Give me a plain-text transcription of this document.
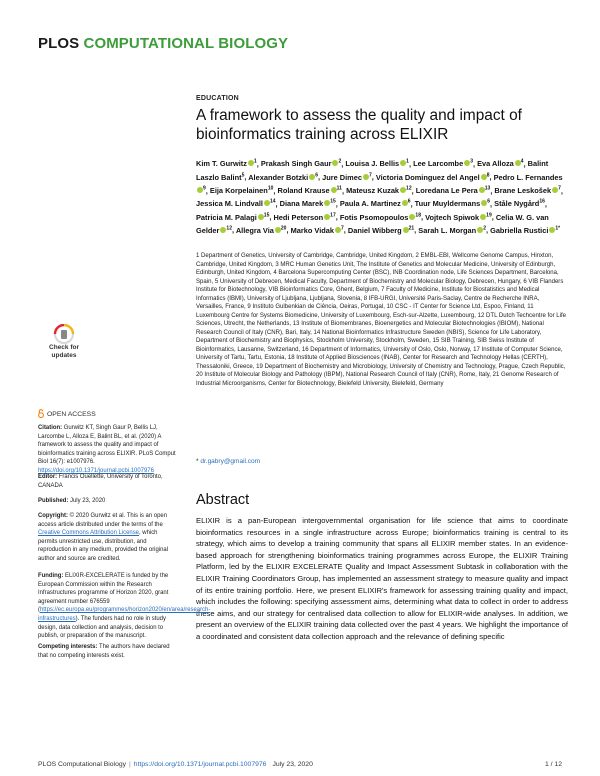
PLOS COMPUTATIONAL BIOLOGY
EDUCATION
A framework to assess the quality and impact of bioinformatics training across ELIXIR
Kim T. Gurwitz $^1$, Prakash Singh Gaur $^2$, Louisa J. Bellis $^1$, Lee Larcombe $^3$, Eva Alloza $^4$, Balint Laszlo Balint$^5$, Alexander Botzki $^6$, Jure Dimec $^7$, Victoria Dominguez del Angel $^8$, Pedro L. Fernandes$^9$, Eija Korpelainen$^{10}$, Roland Krause $^{11}$, Mateusz Kuzak $^{12}$, Loredana Le Pera $^{13}$, Brane Leskošek $^7$, Jessica M. Lindvall $^{14}$, Diana Marek $^{15}$, Paula A. Martinez $^6$, Tuur Muyldermans $^6$, Ståle Nygård$^{16}$, Patricia M. Palagi $^{15}$, Hedi Peterson $^{17}$, Fotis Psomopoulos $^{18}$, Vojtech Spiwok $^{19}$, Celia W. G. van Gelder $^{12}$, Allegra Via $^{20}$, Marko Vidak $^7$, Daniel Wibberg $^{21}$, Sarah L. Morgan $^2$, Gabriella Rustici $^{1*}$
1 Department of Genetics, University of Cambridge, Cambridge, United Kingdom, 2 EMBL-EBI, Wellcome Genome Campus, Hinxton, Cambridge, United Kingdom, 3 MRC Human Genetics Unit, The Institute of Genetics and Molecular Medicine, University of Edinburgh, Edinburgh, United Kingdom, 4 Barcelona Supercomputing Center (BSC), INB Coordination node, Life Sciences Department, Barcelona, Spain, 5 University of Debrecen, Medical Faculty, Department of Biochemistry and Molecular Biology, Debrecen, Hungary, 6 VIB Flanders Institute for Biotechnology, VIB Bioinformatics Core, Ghent, Belgium, 7 Faculty of Medicine, Institute for Biostatistics and Medical Informatics (IBMI), University of Ljubljana, Ljubljana, Slovenia, 8 IFB-URGI, Université Paris-Saclay, Centre de Recherche INRA, Versailles, France, 9 Instituto Gulbenkian de Ciência, Oeiras, Portugal, 10 CSC - IT Center for Science Ltd, Espoo, Finland, 11 Luxembourg Centre for Systems Biomedicine, University of Luxembourg, Esch-sur-Alzette, Luxembourg, 12 DTL Dutch Techcentre for Life Sciences, Utrecht, the Netherlands, 13 Institute of Biomembranes, Bioenergetics and Molecular Biotechnologies (IBIOM), National Research Council of Italy (CNR), Bari, Italy, 14 National Bioinformatics Infrastructure Sweden (NBIS), Science for Life Laboratory, Department of Biochemistry and Biophysics, Stockholm University, Stockholm, Sweden, 15 SIB Training, SIB Swiss Institute of Bioinformatics, Lausanne, Switzerland, 16 Department of Informatics, University of Oslo, Oslo, Norway, 17 Institute of Computer Science, University of Tartu, Tartu, Estonia, 18 Institute of Applied Biosciences (INAB), Center for Research and Technology Hellas (CERTH), Thessaloniki, Greece, 19 Department of Biochemistry and Microbiology, University of Chemistry and Technology, Prague, Czech Republic, 20 Institute of Molecular Biology and Pathology (IBPM), National Research Council of Italy (CNR), Rome, Italy, 21 Genome Research of Industrial Microorganisms, Center for Biotechnology, Bielefeld University, Bielefeld, Germany
* dr.gabry@gmail.com
Abstract

ELIXIR is a pan-European intergovernmental organisation for life science that aims to coordinate bioinformatics resources in a single infrastructure across Europe; bioinformatics training is central to its strategy, which aims to develop a training community that spans all ELIXIR member states. In an evidence-based approach for strengthening bioinformatics training programmes across Europe, the ELIXIR Training Platform, led by the ELIXIR EXCELERATE Quality and Impact Assessment Subtask in collaboration with the ELIXIR Training Coordinators Group, has implemented an assessment strategy to measure quality and impact of its entire training portfolio. Here, we present ELIXIR's framework for assessing training quality and impact, which includes the following: specifying assessment aims, determining what data to collect in order to address these aims, and our strategy for centralised data collection to allow for ELIXIR-wide analyses. In addition, we present an overview of the ELIXIR training data collected over the past 4 years. We highlight the importance of a coordinated and consistent data collection approach and the relevance of defining specific

Check for
updates
OPEN ACCESS
Citation: Gurwitz KT, Singh Gaur P, Bellis LJ, Larcombe L, Alloza E, Balint BL, et al. (2020) A framework to assess the quality and impact of bioinformatics training across ELIXIR. PLoS Comput Biol 16(7): e1007976. https://doi.org/10.1371/journal.pcbi.1007976
Editor: Francis Ouellette, University of Toronto, CANADA
Published: July 23, 2020
Copyright: © 2020 Gurwitz et al. This is an open access article distributed under the terms of the Creative Commons Attribution License, which permits unrestricted use, distribution, and reproduction in any medium, provided the original author and source are credited.
Funding: ELIXIR-EXCELERATE is funded by the European Commission within the Research Infrastructures programme of Horizon 2020, grant agreement number 676559 (https://ec.europa.eu/programmes/horizon2020/en/area/research-infrastructures). The funders had no role in study design, data collection and analysis, decision to publish, or preparation of the manuscript.
Competing interests: The authors have declared that no competing interests exist.
PLOS Computational Biology | https://doi.org/10.1371/journal.pcbi.1007976 July 23, 2020	1 / 12
